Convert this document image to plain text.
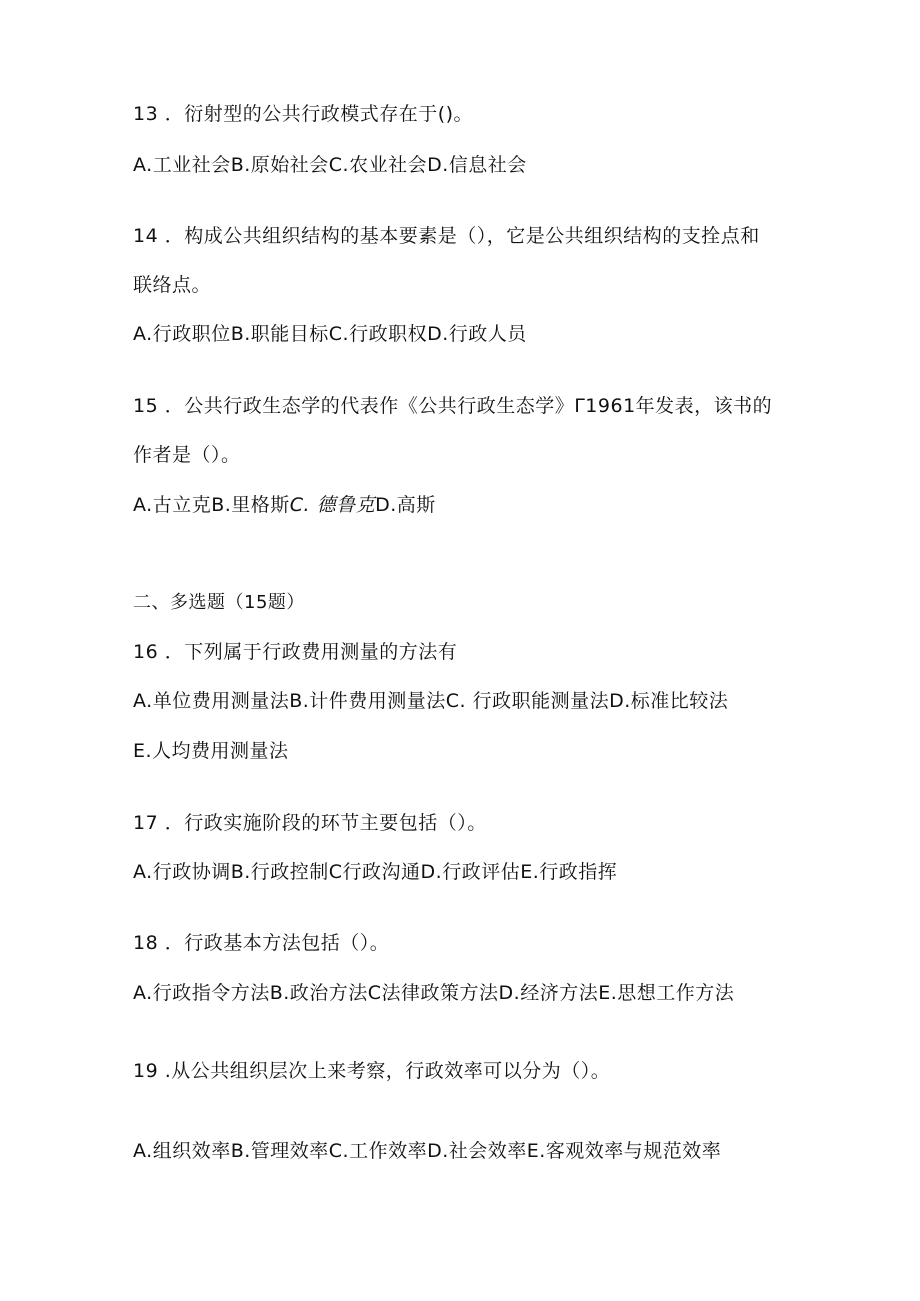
13 ．衍射型的公共行政模式存在于()。
A.工业社会B.原始社会C.农业社会D.信息社会
14 ．构成公共组织结构的基本要素是（），它是公共组织结构的支拴点和
联络点。
A.行政职位B.职能目标C.行政职权D.行政人员
15 ．公共行政生态学的代表作《公共行政生态学》Γ1961年发表，该书的
作者是（）。
A.古立克B.里格斯C. 德鲁克D.高斯
二、多选题（15题）
16 ．下列属于行政费用测量的方法有
A.单位费用测量法B.计件费用测量法C. 行政职能测量法D.标准比较法
E.人均费用测量法
17 ．行政实施阶段的环节主要包括（）。
A.行政协调B.行政控制C行政沟通D.行政评估E.行政指挥
18 ．行政基本方法包括（）。
A.行政指令方法B.政治方法C法律政策方法D.经济方法E.思想工作方法
19 .从公共组织层次上来考察，行政效率可以分为（）。
A.组织效率B.管理效率C.工作效率D.社会效率E.客观效率与规范效率
